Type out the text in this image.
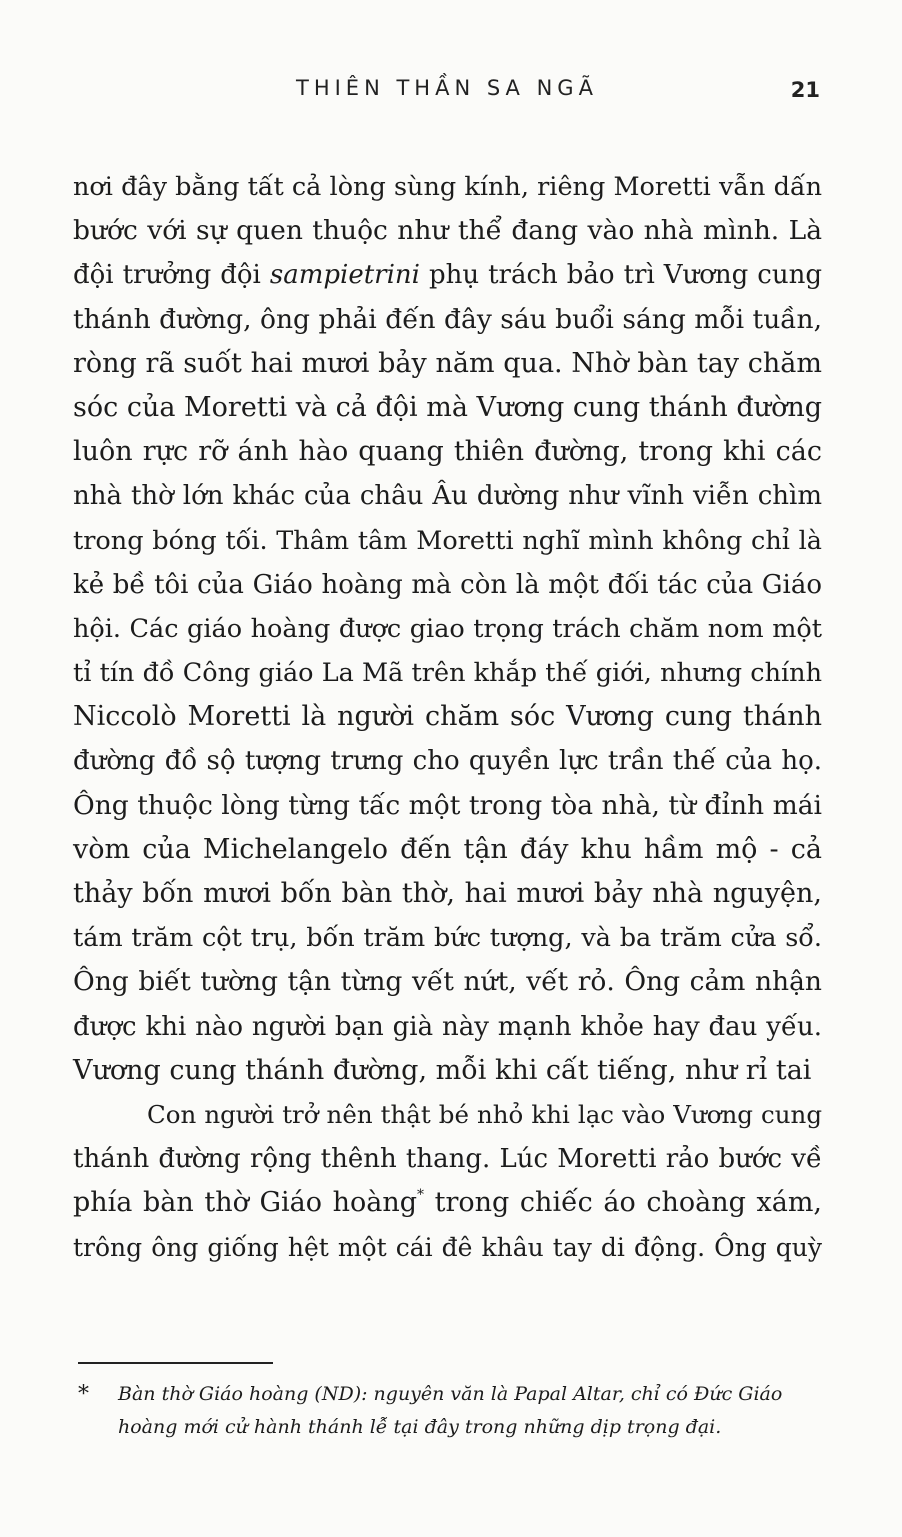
THIÊN THẦN SA NGÃ	21
nơi đây bằng tất cả lòng sùng kính, riêng Moretti vẫn dấn
bước với sự quen thuộc như thể đang vào nhà mình. Là
đội trưởng đội sampietrini phụ trách bảo trì Vương cung
thánh đường, ông phải đến đây sáu buổi sáng mỗi tuần,
ròng rã suốt hai mươi bảy năm qua. Nhờ bàn tay chăm
sóc của Moretti và cả đội mà Vương cung thánh đường
luôn rực rỡ ánh hào quang thiên đường, trong khi các
nhà thờ lớn khác của châu Âu dường như vĩnh viễn chìm
trong bóng tối. Thâm tâm Moretti nghĩ mình không chỉ là
kẻ bề tôi của Giáo hoàng mà còn là một đối tác của Giáo
hội. Các giáo hoàng được giao trọng trách chăm nom một
tỉ tín đồ Công giáo La Mã trên khắp thế giới, nhưng chính
Niccolò Moretti là người chăm sóc Vương cung thánh
đường đồ sộ tượng trưng cho quyền lực trần thế của họ.
Ông thuộc lòng từng tấc một trong tòa nhà, từ đỉnh mái
vòm của Michelangelo đến tận đáy khu hầm mộ - cả
thảy bốn mươi bốn bàn thờ, hai mươi bảy nhà nguyện,
tám trăm cột trụ, bốn trăm bức tượng, và ba trăm cửa sổ.
Ông biết tường tận từng vết nứt, vết rỏ. Ông cảm nhận
được khi nào người bạn già này mạnh khỏe hay đau yếu.
Vương cung thánh đường, mỗi khi cất tiếng, như rỉ tai
Con người trở nên thật bé nhỏ khi lạc vào Vương cung
thánh đường rộng thênh thang. Lúc Moretti rảo bước về
phía bàn thờ Giáo hoàng* trong chiếc áo choàng xám,
trông ông giống hệt một cái đê khâu tay di động. Ông quỳ
* Bàn thờ Giáo hoàng (ND): nguyên văn là Papal Altar, chỉ có Đức Giáo
hoàng mới cử hành thánh lễ tại đây trong những dịp trọng đại.
